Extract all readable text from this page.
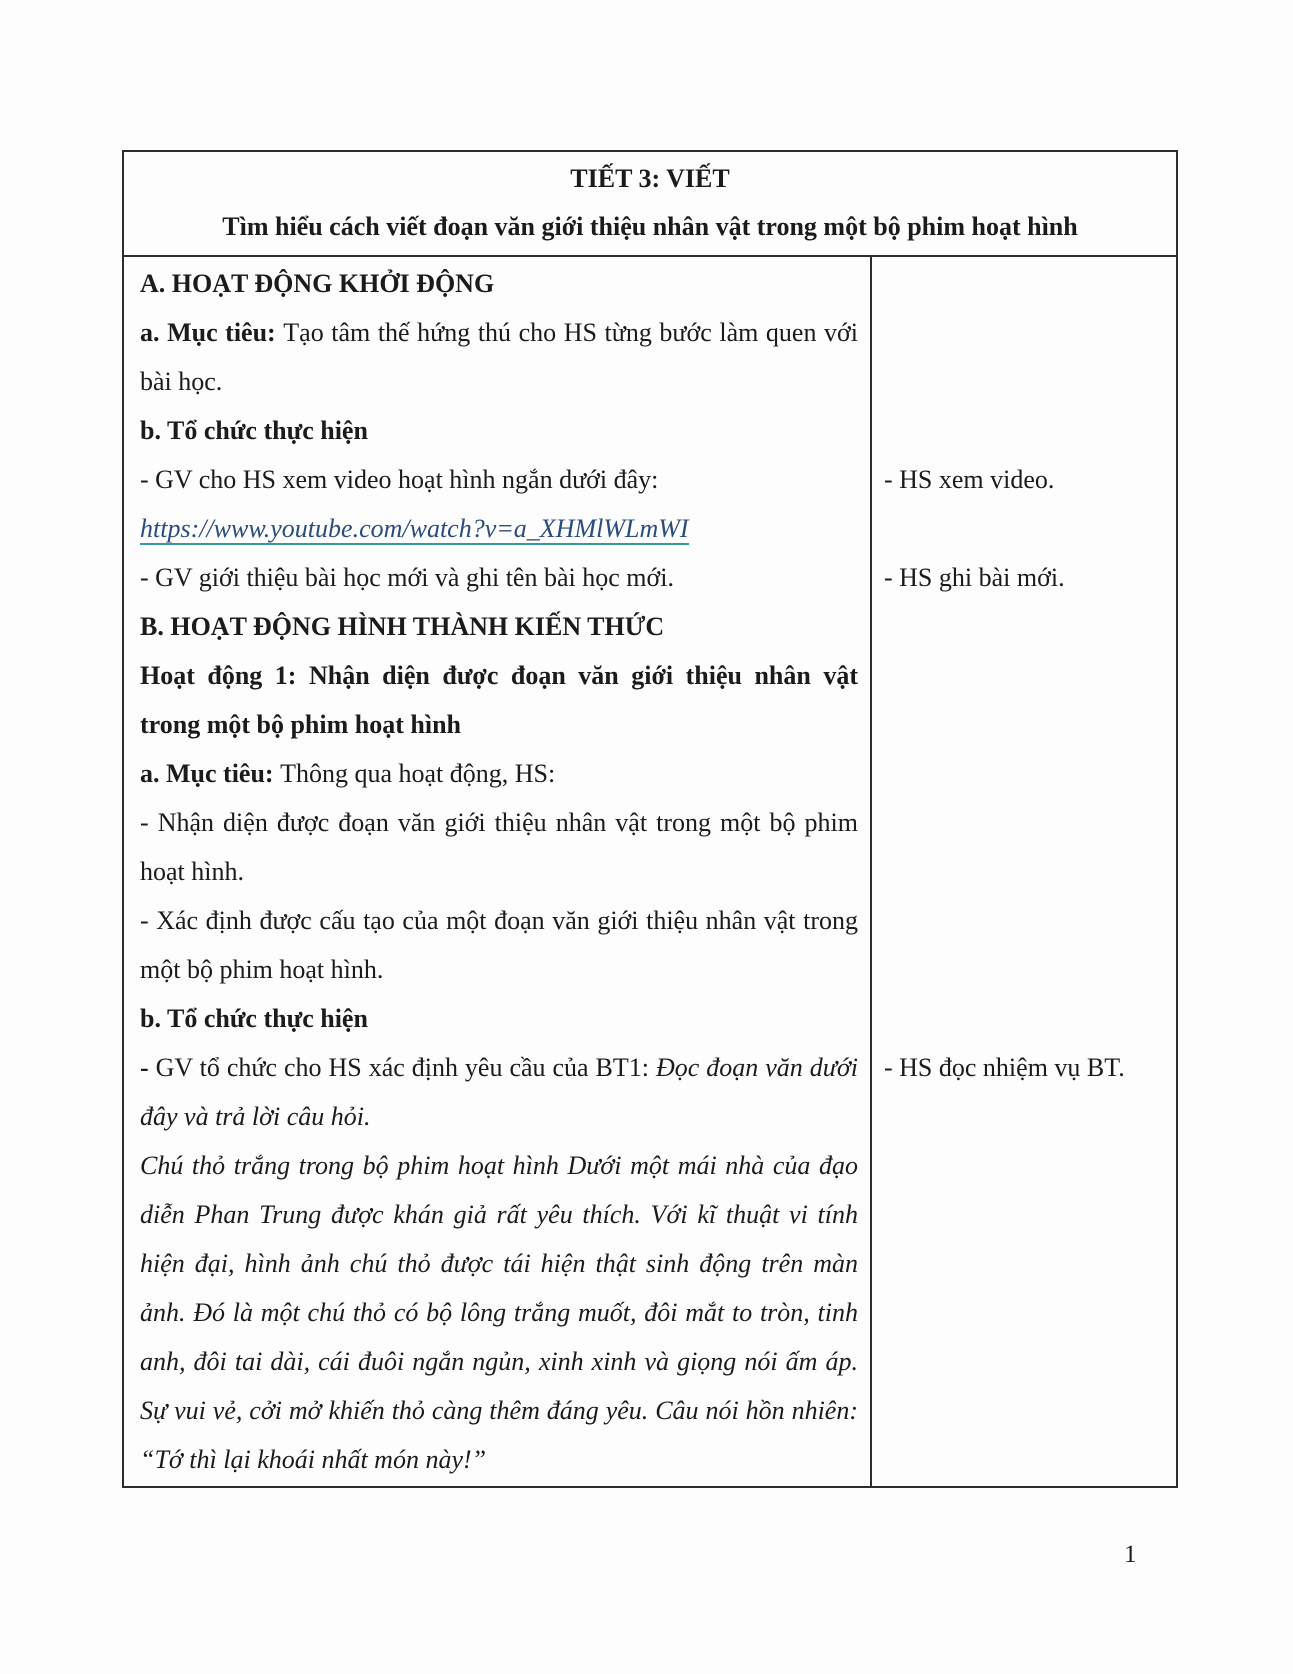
TIẾT 3: VIẾT
Tìm hiểu cách viết đoạn văn giới thiệu nhân vật trong một bộ phim hoạt hình
A. HOẠT ĐỘNG KHỞI ĐỘNG
a. Mục tiêu: Tạo tâm thế hứng thú cho HS từng bước làm quen với bài học.
b. Tổ chức thực hiện
- GV cho HS xem video hoạt hình ngắn dưới đây:
https://www.youtube.com/watch?v=a_XHMlWLmWI
- GV giới thiệu bài học mới và ghi tên bài học mới.
B. HOẠT ĐỘNG HÌNH THÀNH KIẾN THỨC
Hoạt động 1: Nhận diện được đoạn văn giới thiệu nhân vật trong một bộ phim hoạt hình
a. Mục tiêu: Thông qua hoạt động, HS:
- Nhận diện được đoạn văn giới thiệu nhân vật trong một bộ phim hoạt hình.
- Xác định được cấu tạo của một đoạn văn giới thiệu nhân vật trong một bộ phim hoạt hình.
b. Tổ chức thực hiện
- GV tổ chức cho HS xác định yêu cầu của BT1: Đọc đoạn văn dưới đây và trả lời câu hỏi.
Chú thỏ trắng trong bộ phim hoạt hình Dưới một mái nhà của đạo diễn Phan Trung được khán giả rất yêu thích. Với kĩ thuật vi tính hiện đại, hình ảnh chú thỏ được tái hiện thật sinh động trên màn ảnh. Đó là một chú thỏ có bộ lông trắng muốt, đôi mắt to tròn, tinh anh, đôi tai dài, cái đuôi ngắn ngủn, xinh xinh và giọng nói ấm áp. Sự vui vẻ, cởi mở khiến thỏ càng thêm đáng yêu. Câu nói hồn nhiên: “Tớ thì lại khoái nhất món này!”
- HS xem video.
- HS ghi bài mới.
- HS đọc nhiệm vụ BT.
1
